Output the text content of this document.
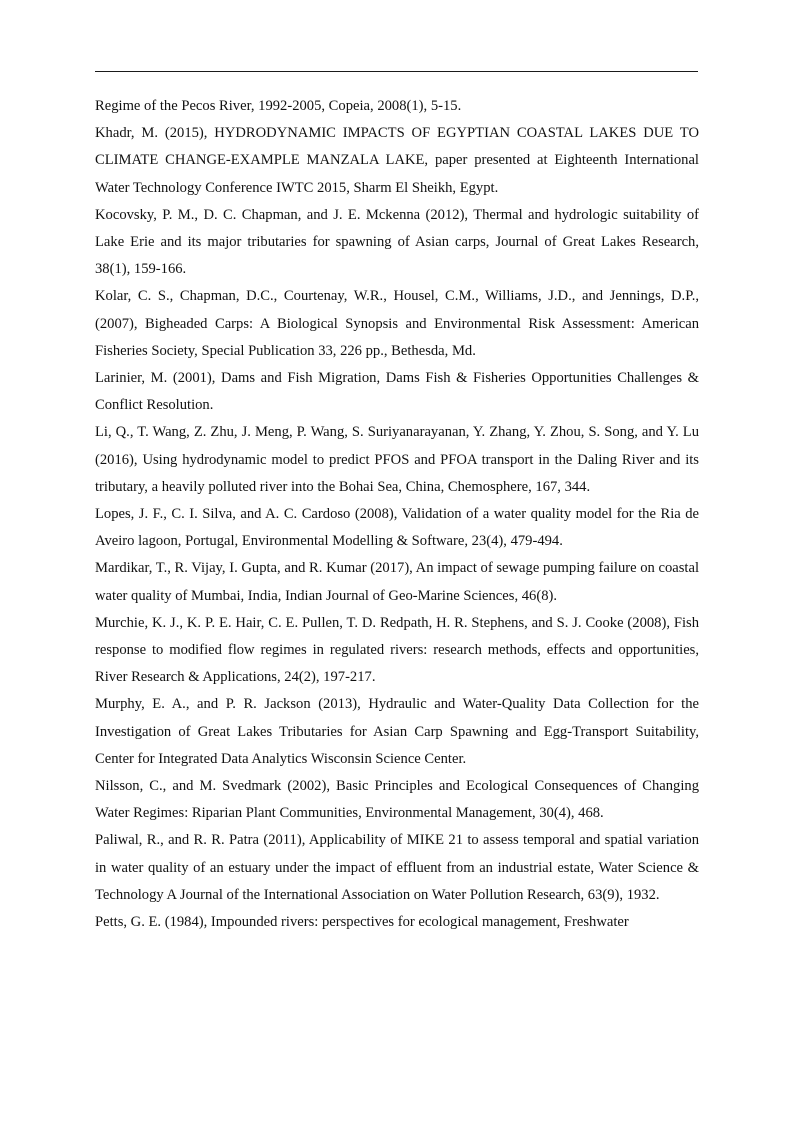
Regime of the Pecos River, 1992-2005, Copeia, 2008(1), 5-15.

Khadr, M. (2015), HYDRODYNAMIC IMPACTS OF EGYPTIAN COASTAL LAKES DUE TO CLIMATE CHANGE-EXAMPLE MANZALA LAKE, paper presented at Eighteenth International Water Technology Conference IWTC 2015, Sharm El Sheikh, Egypt.

Kocovsky, P. M., D. C. Chapman, and J. E. Mckenna (2012), Thermal and hydrologic suitability of Lake Erie and its major tributaries for spawning of Asian carps, Journal of Great Lakes Research, 38(1), 159-166.

Kolar, C. S., Chapman, D.C., Courtenay, W.R., Housel, C.M., Williams, J.D., and Jennings, D.P., (2007), Bigheaded Carps: A Biological Synopsis and Environmental Risk Assessment: American Fisheries Society, Special Publication 33, 226 pp., Bethesda, Md.

Larinier, M. (2001), Dams and Fish Migration, Dams Fish & Fisheries Opportunities Challenges & Conflict Resolution.

Li, Q., T. Wang, Z. Zhu, J. Meng, P. Wang, S. Suriyanarayanan, Y. Zhang, Y. Zhou, S. Song, and Y. Lu (2016), Using hydrodynamic model to predict PFOS and PFOA transport in the Daling River and its tributary, a heavily polluted river into the Bohai Sea, China, Chemosphere, 167, 344.

Lopes, J. F., C. I. Silva, and A. C. Cardoso (2008), Validation of a water quality model for the Ria de Aveiro lagoon, Portugal, Environmental Modelling & Software, 23(4), 479-494.

Mardikar, T., R. Vijay, I. Gupta, and R. Kumar (2017), An impact of sewage pumping failure on coastal water quality of Mumbai, India, Indian Journal of Geo-Marine Sciences, 46(8).

Murchie, K. J., K. P. E. Hair, C. E. Pullen, T. D. Redpath, H. R. Stephens, and S. J. Cooke (2008), Fish response to modified flow regimes in regulated rivers: research methods, effects and opportunities, River Research & Applications, 24(2), 197-217.

Murphy, E. A., and P. R. Jackson (2013), Hydraulic and Water-Quality Data Collection for the Investigation of Great Lakes Tributaries for Asian Carp Spawning and Egg-Transport Suitability, Center for Integrated Data Analytics Wisconsin Science Center.

Nilsson, C., and M. Svedmark (2002), Basic Principles and Ecological Consequences of Changing Water Regimes: Riparian Plant Communities, Environmental Management, 30(4), 468.

Paliwal, R., and R. R. Patra (2011), Applicability of MIKE 21 to assess temporal and spatial variation in water quality of an estuary under the impact of effluent from an industrial estate, Water Science & Technology A Journal of the International Association on Water Pollution Research, 63(9), 1932.

Petts, G. E. (1984), Impounded rivers: perspectives for ecological management, Freshwater
